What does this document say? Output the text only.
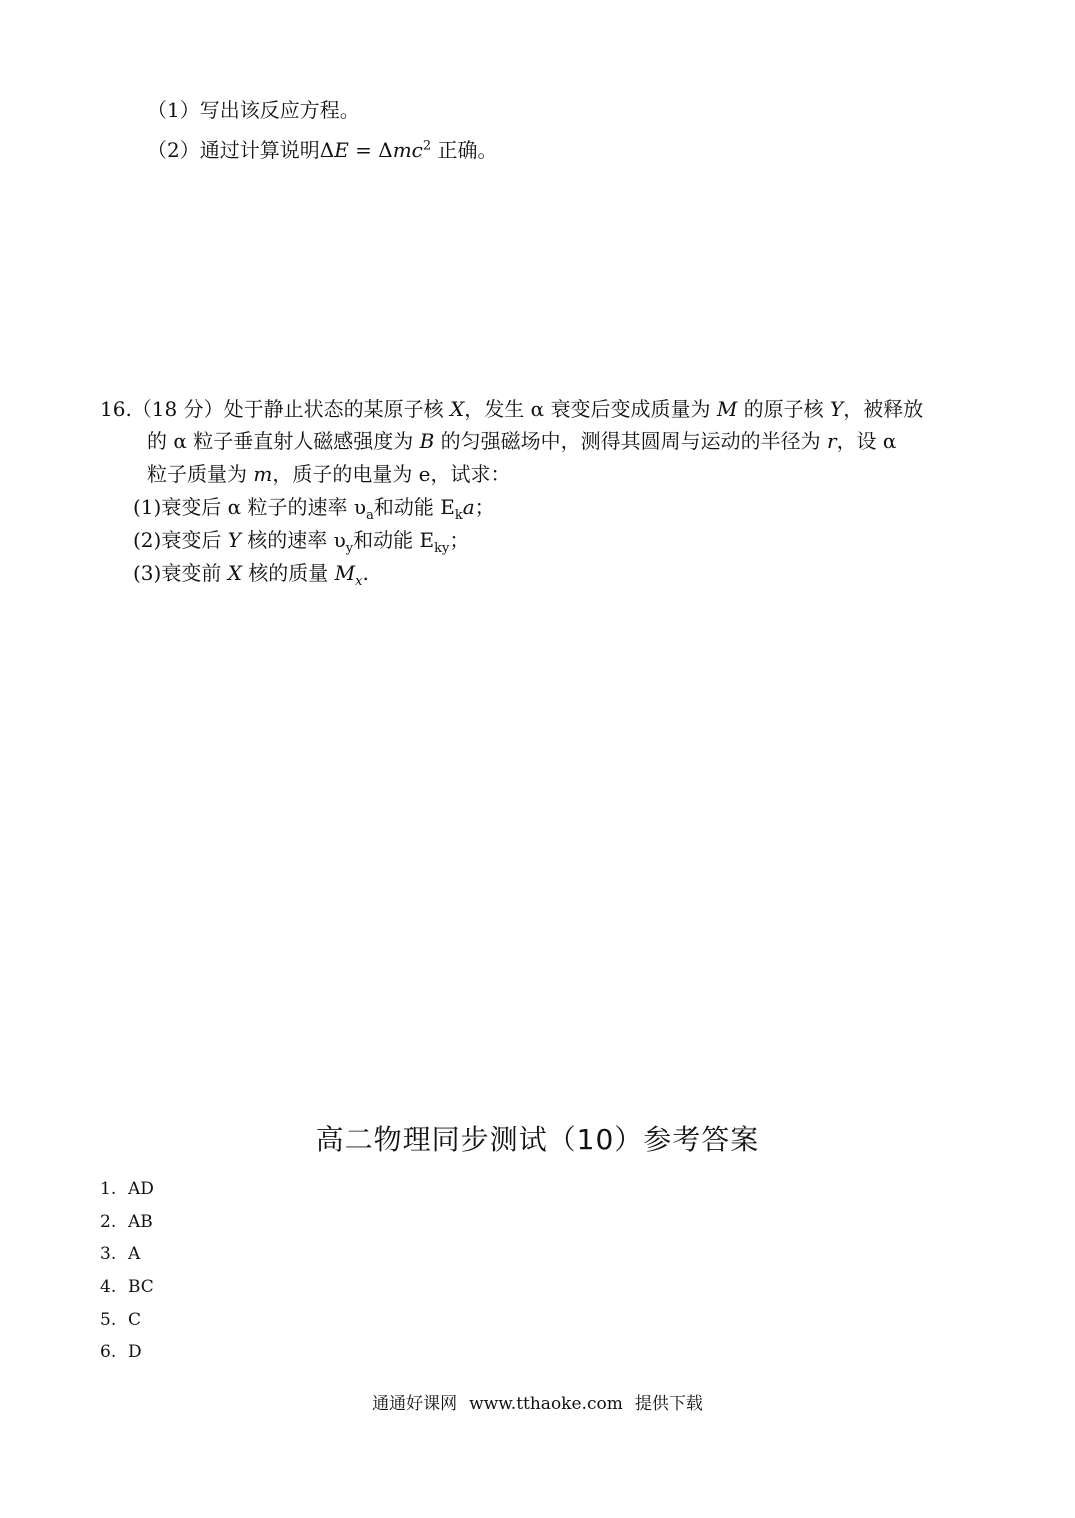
（1）写出该反应方程。
（2）通过计算说明ΔE = Δmc$^2$ 正确。
16.（18 分）处于静止状态的某原子核 X，发生 α 衰变后变成质量为 M 的原子核 Y，被释放
的 α 粒子垂直射人磁感强度为 B 的匀强磁场中，测得其圆周与运动的半径为 r，设 α
粒子质量为 m，质子的电量为 e，试求：
(1)衰变后 α 粒子的速率 $\upsilon_a$和动能 $E_ka$；
(2)衰变后 Y 核的速率 $\upsilon_y$和动能 $E_{ky}$；
(3)衰变前 X 核的质量 $M_x$.
高二物理同步测试（10）参考答案
1. AD
2. AB
3. A
4. BC
5. C
6. D
通通好课网 www.tthaoke.com 提供下载
